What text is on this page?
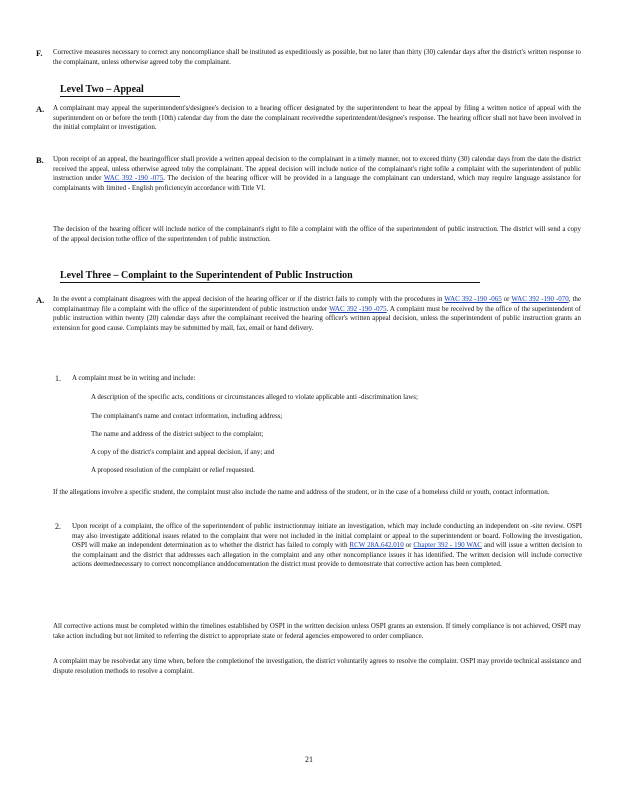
F. Corrective measures necessary to correct any noncompliance shall be instituted as expeditiously as possible, but no later than thirty (30) calendar days after the district's written response to the complainant, unless otherwise agreed toby the complainant.
Level Two – Appeal
A. A complainant may appeal the superintendent's/designee's decision to a hearing officer designated by the superintendent to hear the appeal by filing a written notice of appeal with the superintendent on or before the tenth (10th) calendar day from the date the complainant receivedthe superintendent/designee's response. The hearing officer shall not have been involved in the initial complaint or investigation.
B. Upon receipt of an appeal, the hearingofficer shall provide a written appeal decision to the complainant in a timely manner, not to exceed thirty (30) calendar days from the date the district received the appeal, unless otherwise agreed toby the complainant. The appeal decision will include notice of the complainant's right tofile a complaint with the superintendent of public instruction under WAC 392 -190 -075. The decision of the hearing officer will be provided in a language the complainant can understand, which may require language assistance for complainants with limited - English proficiencyin accordance with Title VI.
The decision of the hearing officer will include notice of the complainant's right to file a complaint with the office of the superintendent of public instruction. The district will send a copy of the appeal decision tothe office of the superintenden t of public instruction.
Level Three – Complaint to the Superintendent of Public Instruction
A. In the event a complainant disagrees with the appeal decision of the hearing officer or if the district fails to comply with the procedures in WAC 392 -190 -065 or WAC 392 -190 -070, the complainantmay file a complaint with the office of the superintendent of public instruction under WAC 392 -190 -075. A complaint must be received by the office of the superintendent of public instruction within twenty (20) calendar days after the complainant received the hearing officer's written appeal decision, unless the superintendent of public instruction grants an extension for good cause. Complaints may be submitted by mail, fax, email or hand delivery.
1. A complaint must be in writing and include:
A description of the specific acts, conditions or circumstances alleged to violate applicable anti -discrimination laws;
The complainant's name and contact information, including address;
The name and address of the district subject to the complaint;
A copy of the district's complaint and appeal decision, if any; and
A proposed resolution of the complaint or relief requested.
If the allegations involve a specific student, the complaint must also include the name and address of the student, or in the case of a homeless child or youth, contact information.
2. Upon receipt of a complaint, the office of the superintendent of public instructionmay initiate an investigation, which may include conducting an independent on -site review. OSPI may also investigate additional issues related to the complaint that were not included in the initial complaint or appeal to the superintendent or board. Following the investigation, OSPI will make an independent determination as to whether the district has failed to comply with RCW 28A.642.010 or Chapter 392 - 190 WAC and will issue a written decision to the complainant and the district that addresses each allegation in the complaint and any other noncompliance issues it has identified. The written decision will include corrective actions deemednecessary to correct noncompliance anddocumentation the district must provide to demonstrate that corrective action has been completed.
All corrective actions must be completed within the timelines established by OSPI in the written decision unless OSPI grants an extension. If timely compliance is not achieved, OSPI may take action including but not limited to referring the district to appropriate state or federal agencies empowered to order compliance.
A complaint may be resolvedat any time when, before the completionof the investigation, the district voluntarily agrees to resolve the complaint. OSPI may provide technical assistance and dispute resolution methods to resolve a complaint.
21
